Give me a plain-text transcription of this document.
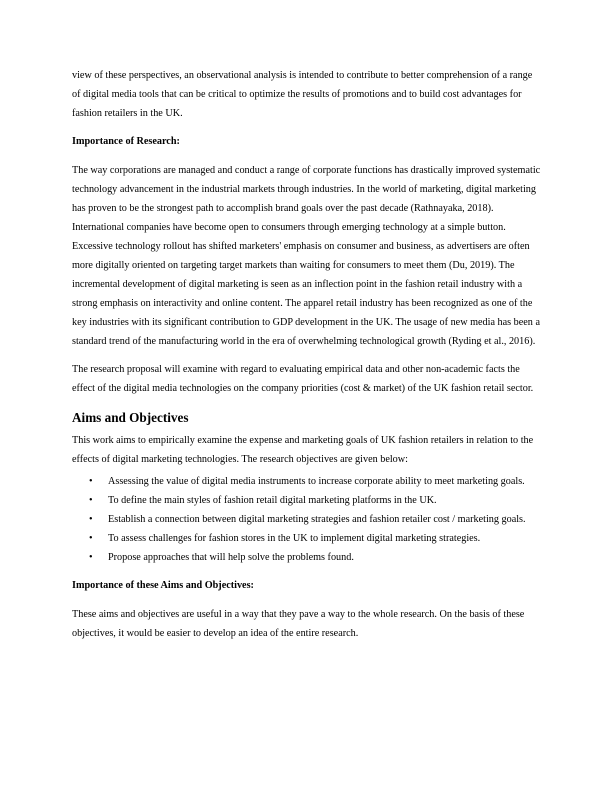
view of these perspectives, an observational analysis is intended to contribute to better comprehension of a range of digital media tools that can be critical to optimize the results of promotions and to build cost advantages for fashion retailers in the UK.

Importance of Research:

The way corporations are managed and conduct a range of corporate functions has drastically improved systematic technology advancement in the industrial markets through industries. In the world of marketing, digital marketing has proven to be the strongest path to accomplish brand goals over the past decade (Rathnayaka, 2018). International companies have become open to consumers through emerging technology at a simple button. Excessive technology rollout has shifted marketers' emphasis on consumer and business, as advertisers are often more digitally oriented on targeting target markets than waiting for consumers to meet them (Du, 2019). The incremental development of digital marketing is seen as an inflection point in the fashion retail industry with a strong emphasis on interactivity and online content. The apparel retail industry has been recognized as one of the key industries with its significant contribution to GDP development in the UK. The usage of new media has been a standard trend of the manufacturing world in the era of overwhelming technological growth (Ryding et al., 2016).

The research proposal will examine with regard to evaluating empirical data and other non-academic facts the effect of the digital media technologies on the company priorities (cost & market) of the UK fashion retail sector.

Aims and Objectives

This work aims to empirically examine the expense and marketing goals of UK fashion retailers in relation to the effects of digital marketing technologies. The research objectives are given below:

• Assessing the value of digital media instruments to increase corporate ability to meet marketing goals.
• To define the main styles of fashion retail digital marketing platforms in the UK.
• Establish a connection between digital marketing strategies and fashion retailer cost / marketing goals.
• To assess challenges for fashion stores in the UK to implement digital marketing strategies.
• Propose approaches that will help solve the problems found.
Importance of these Aims and Objectives:

These aims and objectives are useful in a way that they pave a way to the whole research. On the basis of these objectives, it would be easier to develop an idea of the entire research.
